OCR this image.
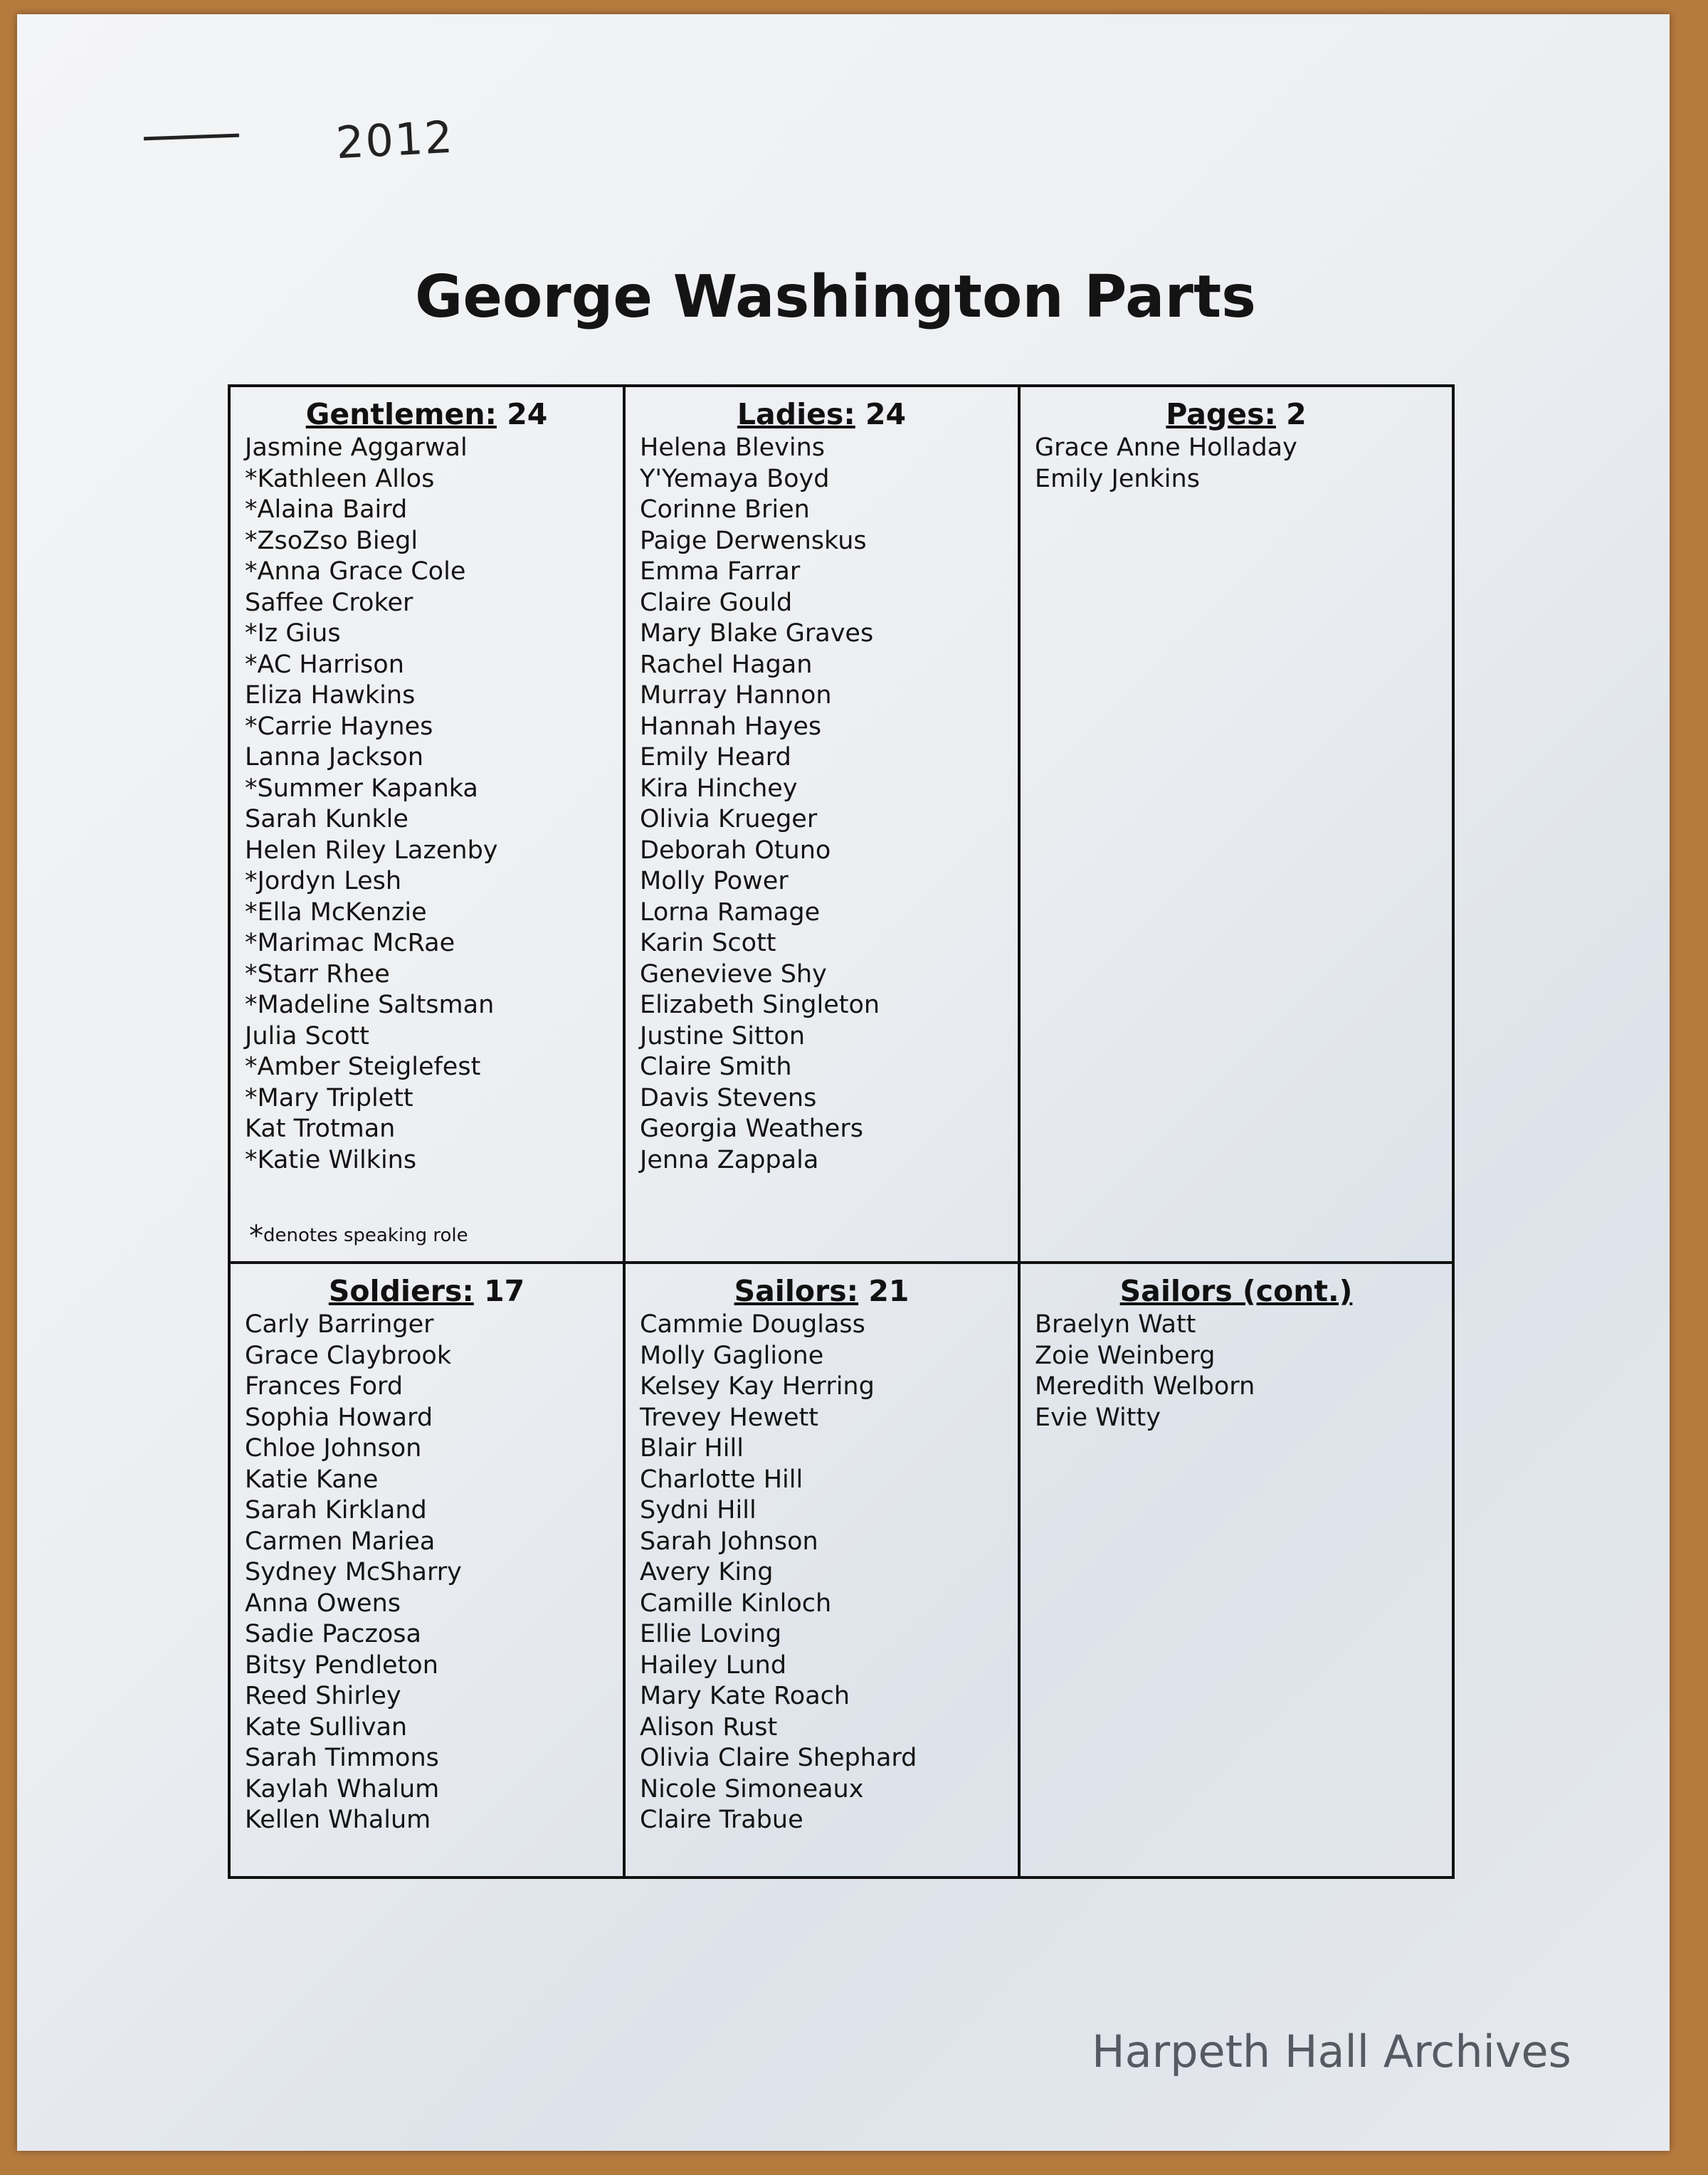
2012
George Washington Parts
Gentlemen: 24
Jasmine Aggarwal
*Kathleen Allos
*Alaina Baird
*ZsoZso Biegl
*Anna Grace Cole
Saffee Croker
*Iz Gius
*AC Harrison
Eliza Hawkins
*Carrie Haynes
Lanna Jackson
*Summer Kapanka
Sarah Kunkle
Helen Riley Lazenby
*Jordyn Lesh
*Ella McKenzie
*Marimac McRae
*Starr Rhee
*Madeline Saltsman
Julia Scott
*Amber Steiglefest
*Mary Triplett
Kat Trotman
*Katie Wilkins
*denotes speaking role
Ladies: 24
Helena Blevins
Y'Yemaya Boyd
Corinne Brien
Paige Derwenskus
Emma Farrar
Claire Gould
Mary Blake Graves
Rachel Hagan
Murray Hannon
Hannah Hayes
Emily Heard
Kira Hinchey
Olivia Krueger
Deborah Otuno
Molly Power
Lorna Ramage
Karin Scott
Genevieve Shy
Elizabeth Singleton
Justine Sitton
Claire Smith
Davis Stevens
Georgia Weathers
Jenna Zappala
Pages: 2
Grace Anne Holladay
Emily Jenkins
Soldiers: 17
Carly Barringer
Grace Claybrook
Frances Ford
Sophia Howard
Chloe Johnson
Katie Kane
Sarah Kirkland
Carmen Mariea
Sydney McSharry
Anna Owens
Sadie Paczosa
Bitsy Pendleton
Reed Shirley
Kate Sullivan
Sarah Timmons
Kaylah Whalum
Kellen Whalum
Sailors: 21
Cammie Douglass
Molly Gaglione
Kelsey Kay Herring
Trevey Hewett
Blair Hill
Charlotte Hill
Sydni Hill
Sarah Johnson
Avery King
Camille Kinloch
Ellie Loving
Hailey Lund
Mary Kate Roach
Alison Rust
Olivia Claire Shephard
Nicole Simoneaux
Claire Trabue
Sailors (cont.)
Braelyn Watt
Zoie Weinberg
Meredith Welborn
Evie Witty
Harpeth Hall Archives
